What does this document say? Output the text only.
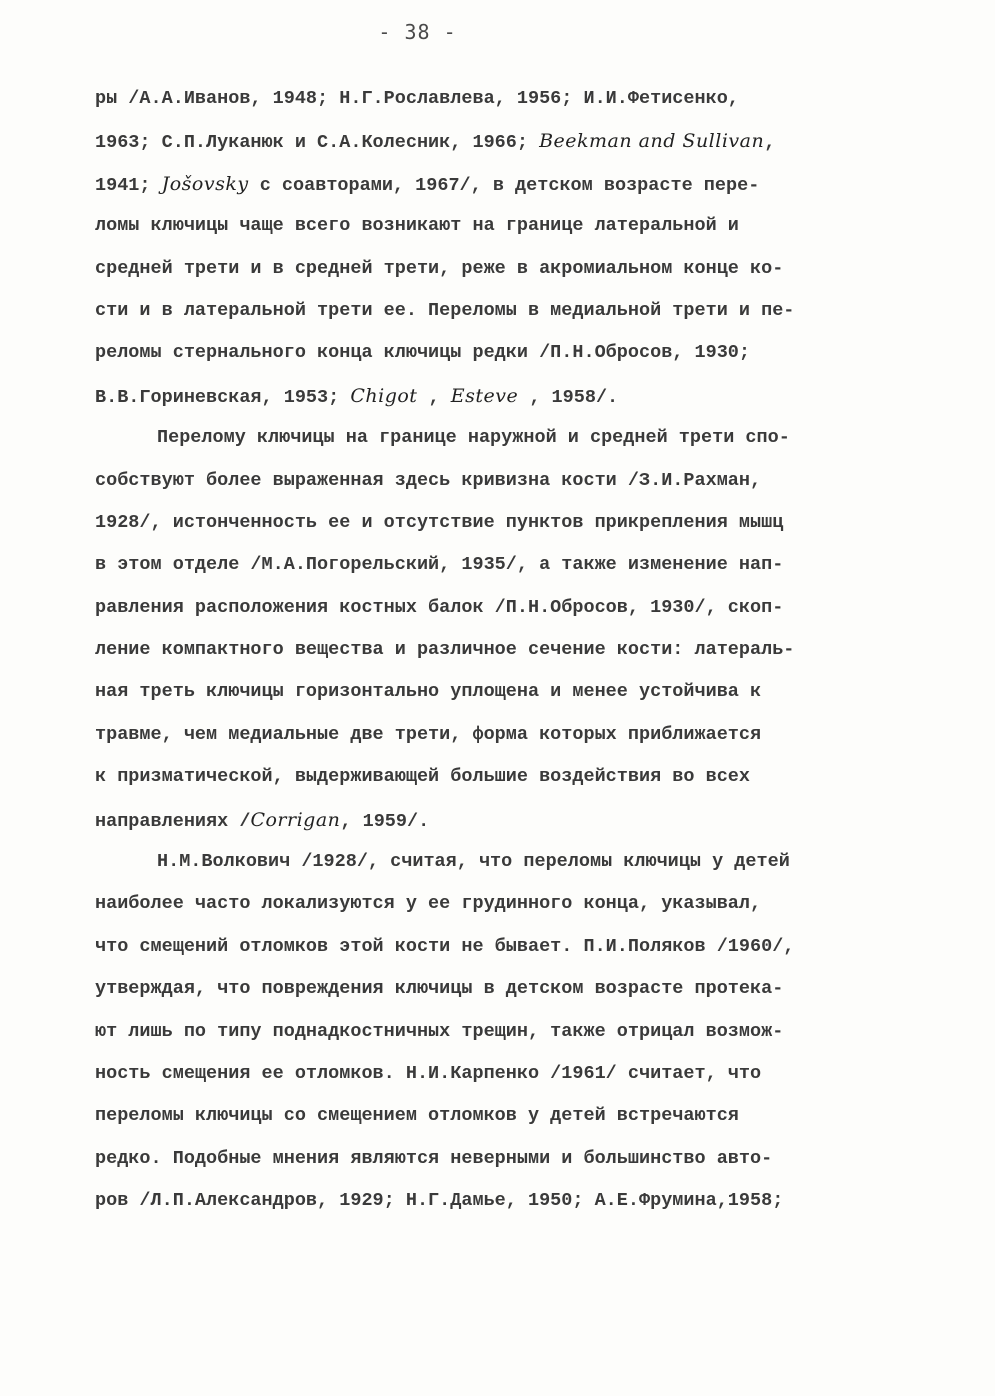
- 38 -
ры /А.А.Иванов, 1948; Н.Г.Рославлева, 1956; И.И.Фетисенко,
1963; С.П.Луканюк и С.А.Колесник, 1966; Beekman and Sullivan,
1941; Jošovsky с соавторами, 1967/, в детском возрасте пере-
ломы ключицы чаще всего возникают на границе латеральной и
средней трети и в средней трети, реже в акромиальном конце ко-
сти и в латеральной трети ее. Переломы в медиальной трети и пе-
реломы стернального конца ключицы редки /П.Н.Обросов, 1930;
В.В.Гориневская, 1953; Chigot , Esteve , 1958/.
Перелому ключицы на границе наружной и средней трети спо-
собствуют более выраженная здесь кривизна кости /З.И.Рахман,
1928/, истонченность ее и отсутствие пунктов прикрепления мышц
в этом отделе /М.А.Погорельский, 1935/, а также изменение нап-
равления расположения костных балок /П.Н.Обросов, 1930/, скоп-
ление компактного вещества и различное сечение кости: латераль-
ная треть ключицы горизонтально уплощена и менее устойчива к
травме, чем медиальные две трети, форма которых приближается
к призматической, выдерживающей большие воздействия во всех
направлениях /Corrigan, 1959/.
Н.М.Волкович /1928/, считая, что переломы ключицы у детей
наиболее часто локализуются у ее грудинного конца, указывал,
что смещений отломков этой кости не бывает. П.И.Поляков /1960/,
утверждая, что повреждения ключицы в детском возрасте протека-
ют лишь по типу поднадкостничных трещин, также отрицал возмож-
ность смещения ее отломков. Н.И.Карпенко /1961/ считает, что
переломы ключицы со смещением отломков у детей встречаются
редко. Подобные мнения являются неверными и большинство авто-
ров /Л.П.Александров, 1929; Н.Г.Дамье, 1950; А.Е.Фрумина,1958;
